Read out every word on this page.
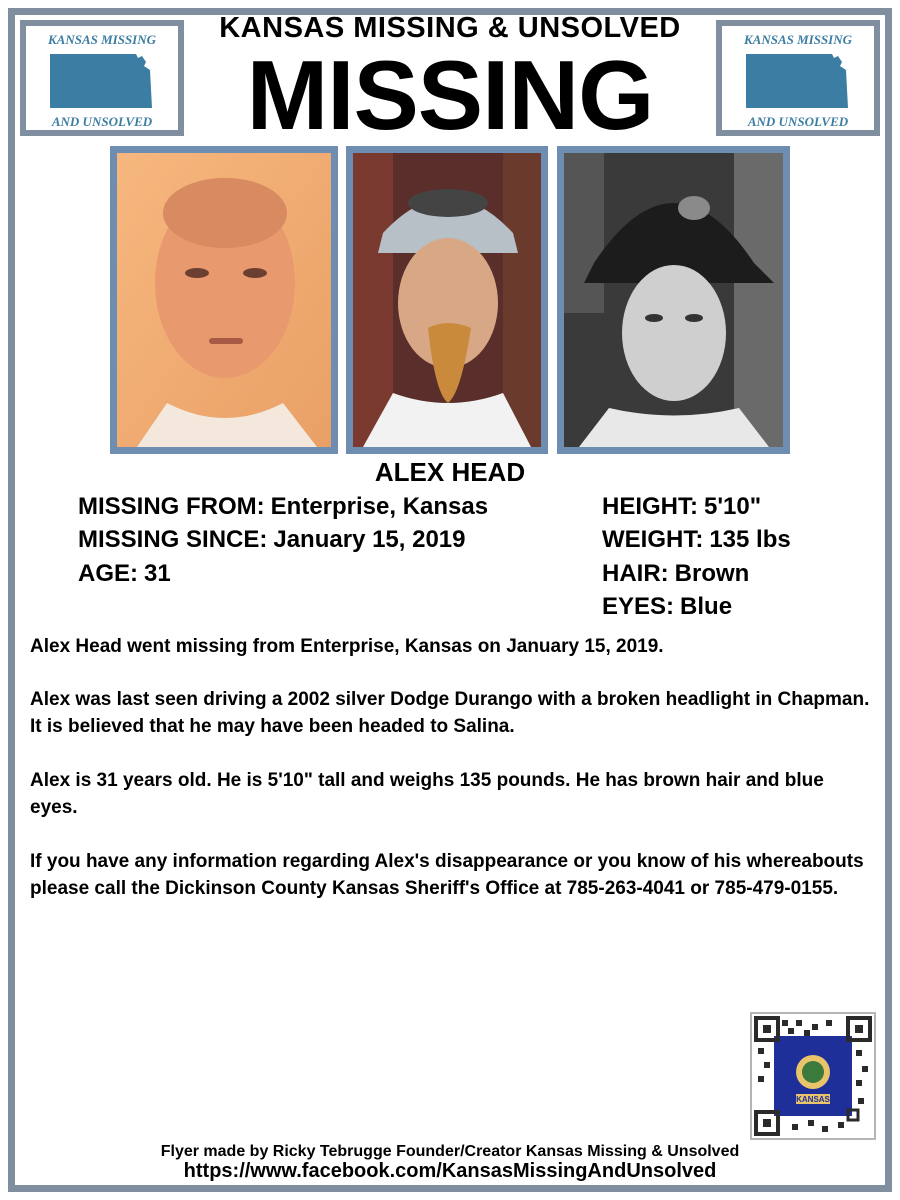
KANSAS MISSING
AND UNSOLVED
KANSAS MISSING
AND UNSOLVED
KANSAS MISSING & UNSOLVED
MISSING
ALEX HEAD
MISSING FROM: Enterprise, Kansas
MISSING SINCE: January 15, 2019
AGE: 31
HEIGHT: 5'10"
WEIGHT: 135 lbs
HAIR: Brown
EYES: Blue
Alex Head went missing from Enterprise, Kansas on January 15, 2019.
Alex was last seen driving a 2002 silver Dodge Durango with a broken headlight in Chapman. It is believed that he may have been headed to Salina.
Alex is 31 years old. He is 5'10" tall and weighs 135 pounds. He has brown hair and blue eyes.
If you have any information regarding Alex's disappearance or you know of his whereabouts please call the Dickinson County Kansas Sheriff's Office at 785-263-4041 or 785-479-0155.
KANSAS
Flyer made by Ricky Tebrugge Founder/Creator Kansas Missing & Unsolved
https://www.facebook.com/KansasMissingAndUnsolved
